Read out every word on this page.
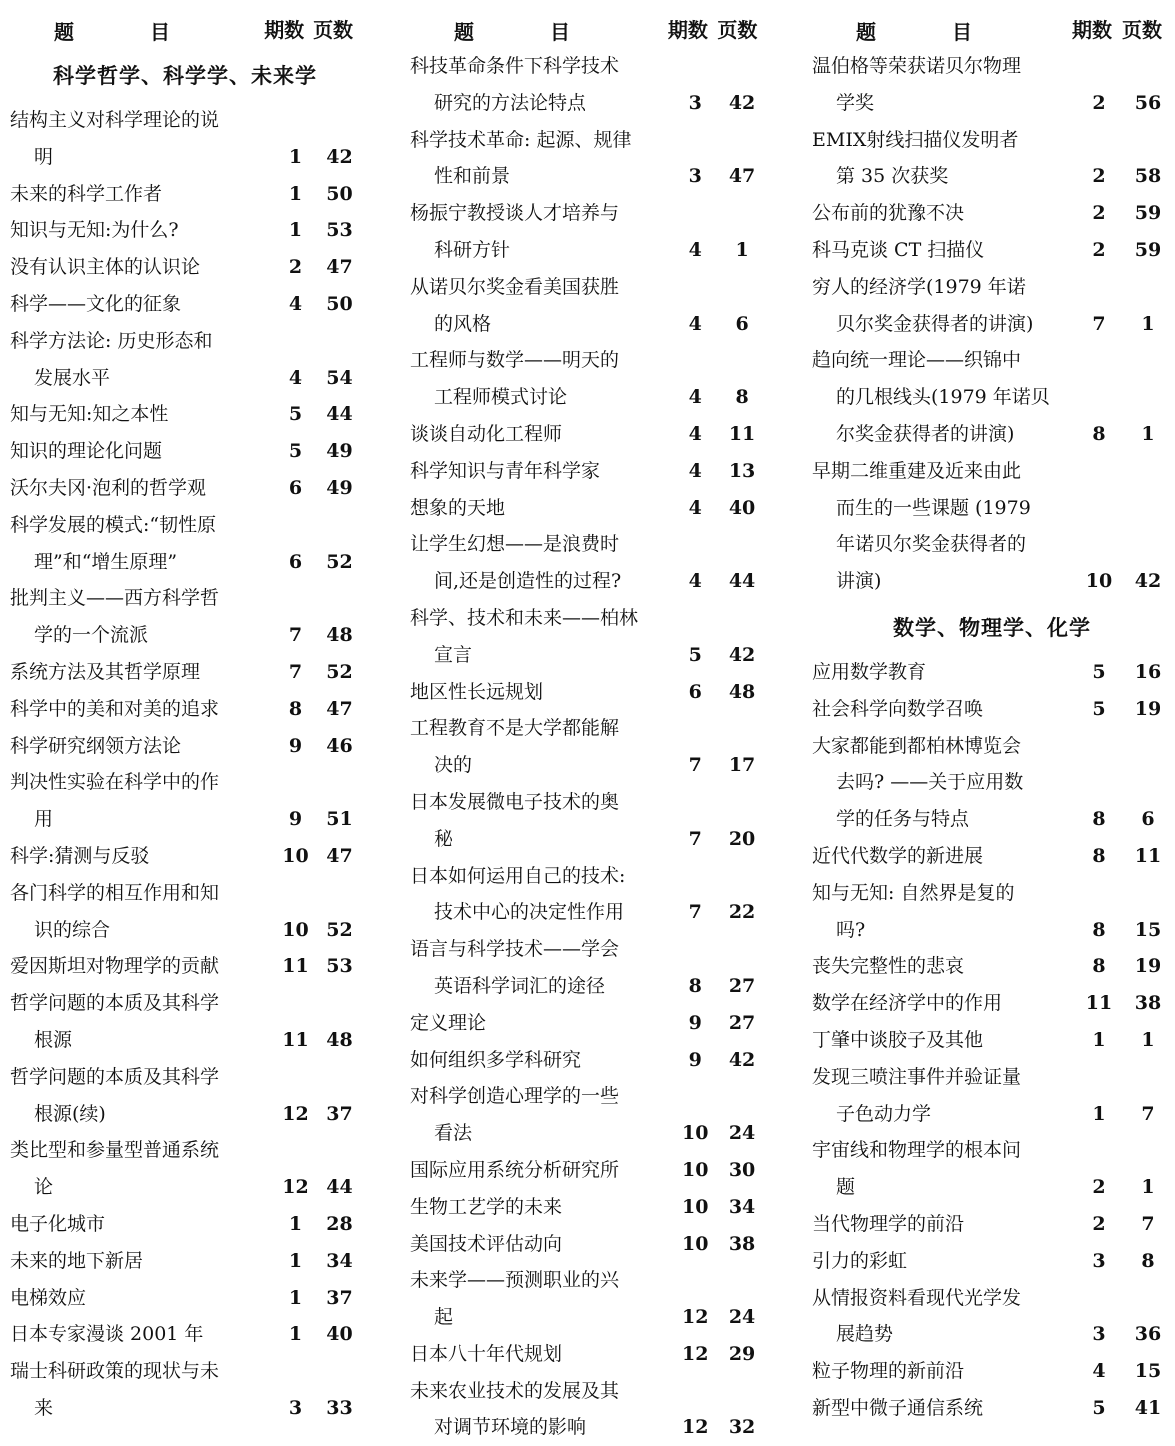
题	目	期数 页数
科学哲学、科学学、未来学
结构主义对科学理论的说
明	1	42
未来的科学工作者	1	50
知识与无知:为什么?	1	53
没有认识主体的认识论	2	47
科学——文化的征象	4	50
科学方法论: 历史形态和
发展水平	4	54
知与无知:知之本性	5	44
知识的理论化问题	5	49
沃尔夫冈·泡利的哲学观	6	49
科学发展的模式:“韧性原
理”和“增生原理”	6	52
批判主义——西方科学哲
学的一个流派	7	48
系统方法及其哲学原理	7	52
科学中的美和对美的追求	8	47
科学研究纲领方法论	9	46
判决性实验在科学中的作
用	9	51
科学:猜测与反驳	10 47
各门科学的相互作用和知
识的综合	10 52
爱因斯坦对物理学的贡献	11 53
哲学问题的本质及其科学
根源	11 48
哲学问题的本质及其科学
根源(续)	12 37
类比型和参量型普通系统
论	12 44
电子化城市	1	28
未来的地下新居	1	34
电梯效应	1	37
日本专家漫谈 2001 年	1	40
瑞士科研政策的现状与未
来	3	33
题	目	期数 页数
科技革命条件下科学技术
研究的方法论特点	3	42
科学技术革命: 起源、规律
性和前景	3	47
杨振宁教授谈人才培养与
科研方针	4	1
从诺贝尔奖金看美国获胜
的风格	4	6
工程师与数学——明天的
工程师模式讨论	4	8
谈谈自动化工程师	4	11
科学知识与青年科学家	4	13
想象的天地	4	40
让学生幻想——是浪费时
间,还是创造性的过程?	4	44
科学、技术和未来——柏林
宣言	5	42
地区性长远规划	6	48
工程教育不是大学都能解
决的	7	17
日本发展微电子技术的奥
秘	7	20
日本如何运用自己的技术:
技术中心的决定性作用	7	22
语言与科学技术——学会
英语科学词汇的途径	8	27
定义理论	9	27
如何组织多学科研究	9	42
对科学创造心理学的一些
看法	10	24
国际应用系统分析研究所	10	30
生物工艺学的未来	10	34
美国技术评估动向	10	38
未来学——预测职业的兴
起	12	24
日本八十年代规划	12	29
未来农业技术的发展及其
对调节环境的影响	12	32
题	目	期数 页数
温伯格等荣获诺贝尔物理
学奖	2	56
EMIX射线扫描仪发明者
第 35 次获奖	2	58
公布前的犹豫不决	2	59
科马克谈 CT 扫描仪	2	59
穷人的经济学(1979 年诺
贝尔奖金获得者的讲演)	7	1
趋向统一理论——织锦中
的几根线头(1979 年诺贝
尔奖金获得者的讲演)	8	1
早期二维重建及近来由此
而生的一些课题 (1979
年诺贝尔奖金获得者的
讲演)	10	42
数学、物理学、化学
应用数学教育	5	16
社会科学向数学召唤	5	19
大家都能到都柏林博览会
去吗? ——关于应用数
学的任务与特点	8	6
近代代数学的新进展	8	11
知与无知: 自然界是复的
吗?	8	15
丧失完整性的悲哀	8	19
数学在经济学中的作用	11	38
丁肇中谈胶子及其他	1	1
发现三喷注事件并验证量
子色动力学	1	7
宇宙线和物理学的根本问
题	2	1
当代物理学的前沿	2	7
引力的彩虹	3	8
从情报资料看现代光学发
展趋势	3	36
粒子物理的新前沿	4	15
新型中微子通信系统	5	41
